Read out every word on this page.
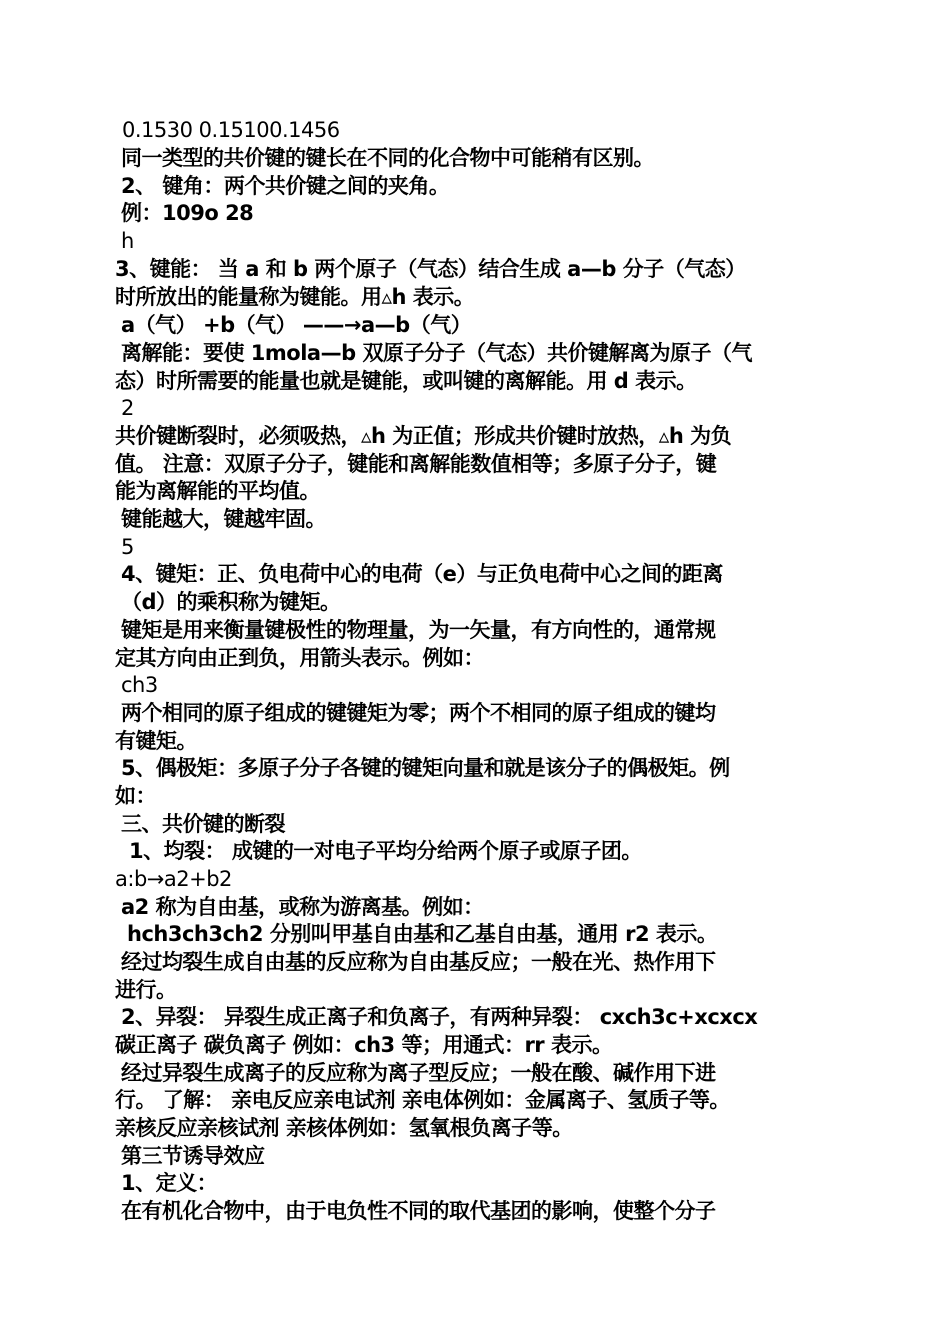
0.1530 0.15100.1456
同一类型的共价键的键长在不同的化合物中可能稍有区别。
2、 键角：两个共价键之间的夹角。
例：109o 28
h
3、键能： 当 a 和 b 两个原子（气态）结合生成 a—b 分子（气态）
时所放出的能量称为键能。用▵h 表示。
a（气） +b（气） ——→a—b（气）
离解能：要使 1mola—b 双原子分子（气态）共价键解离为原子（气
态）时所需要的能量也就是键能，或叫键的离解能。用 d 表示。
2
共价键断裂时，必须吸热，▵h 为正值；形成共价键时放热，▵h 为负
值。 注意：双原子分子，键能和离解能数值相等；多原子分子，键
能为离解能的平均值。
键能越大，键越牢固。
5
4、键矩：正、负电荷中心的电荷（e）与正负电荷中心之间的距离
（d）的乘积称为键矩。
键矩是用来衡量键极性的物理量，为一矢量，有方向性的，通常规
定其方向由正到负，用箭头表示。例如：
ch3
两个相同的原子组成的键键矩为零；两个不相同的原子组成的键均
有键矩。
5、偶极矩：多原子分子各键的键矩向量和就是该分子的偶极矩。例
如：
三、共价键的断裂
1、均裂： 成键的一对电子平均分给两个原子或原子团。
a:b→a2+b2
a2 称为自由基，或称为游离基。例如：
hch3ch3ch2 分别叫甲基自由基和乙基自由基，通用 r2 表示。
经过均裂生成自由基的反应称为自由基反应；一般在光、热作用下
进行。
2、异裂： 异裂生成正离子和负离子，有两种异裂： cxch3c+xcxcx
碳正离子 碳负离子 例如：ch3 等；用通式：rr 表示。
经过异裂生成离子的反应称为离子型反应；一般在酸、碱作用下进
行。 了解： 亲电反应亲电试剂 亲电体例如：金属离子、氢质子等。
亲核反应亲核试剂 亲核体例如：氢氧根负离子等。
第三节诱导效应
1、定义：
在有机化合物中，由于电负性不同的取代基团的影响，使整个分子
